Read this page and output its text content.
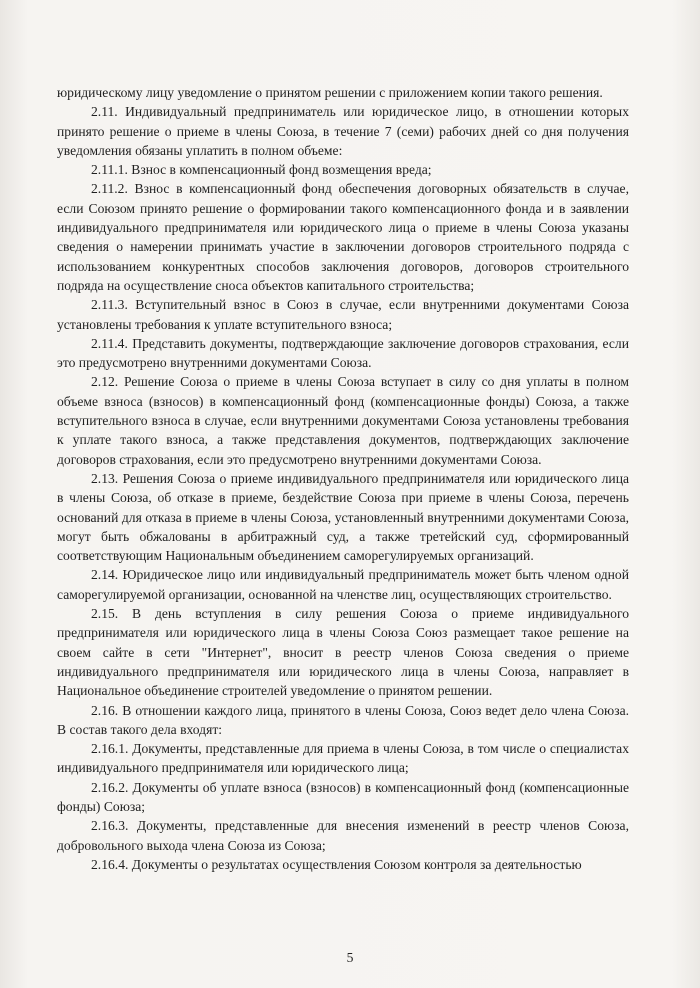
юридическому лицу уведомление о принятом решении с приложением копии такого решения.

2.11. Индивидуальный предприниматель или юридическое лицо, в отношении которых принято решение о приеме в члены Союза, в течение 7 (семи) рабочих дней со дня получения уведомления обязаны уплатить в полном объеме:

2.11.1. Взнос в компенсационный фонд возмещения вреда;

2.11.2. Взнос в компенсационный фонд обеспечения договорных обязательств в случае, если Союзом принято решение о формировании такого компенсационного фонда и в заявлении индивидуального предпринимателя или юридического лица о приеме в члены Союза указаны сведения о намерении принимать участие в заключении договоров строительного подряда с использованием конкурентных способов заключения договоров, договоров строительного подряда на осуществление сноса объектов капитального строительства;

2.11.3. Вступительный взнос в Союз в случае, если внутренними документами Союза установлены требования к уплате вступительного взноса;

2.11.4. Представить документы, подтверждающие заключение договоров страхования, если это предусмотрено внутренними документами Союза.

2.12. Решение Союза о приеме в члены Союза вступает в силу со дня уплаты в полном объеме взноса (взносов) в компенсационный фонд (компенсационные фонды) Союза, а также вступительного взноса в случае, если внутренними документами Союза установлены требования к уплате такого взноса, а также представления документов, подтверждающих заключение договоров страхования, если это предусмотрено внутренними документами Союза.

2.13. Решения Союза о приеме индивидуального предпринимателя или юридического лица в члены Союза, об отказе в приеме, бездействие Союза при приеме в члены Союза, перечень оснований для отказа в приеме в члены Союза, установленный внутренними документами Союза, могут быть обжалованы в арбитражный суд, а также третейский суд, сформированный соответствующим Национальным объединением саморегулируемых организаций.

2.14. Юридическое лицо или индивидуальный предприниматель может быть членом одной саморегулируемой организации, основанной на членстве лиц, осуществляющих строительство.

2.15. В день вступления в силу решения Союза о приеме индивидуального предпринимателя или юридического лица в члены Союза Союз размещает такое решение на своем сайте в сети "Интернет", вносит в реестр членов Союза сведения о приеме индивидуального предпринимателя или юридического лица в члены Союза, направляет в Национальное объединение строителей уведомление о принятом решении.

2.16. В отношении каждого лица, принятого в члены Союза, Союз ведет дело члена Союза. В состав такого дела входят:

2.16.1. Документы, представленные для приема в члены Союза, в том числе о специалистах индивидуального предпринимателя или юридического лица;

2.16.2. Документы об уплате взноса (взносов) в компенсационный фонд (компенсационные фонды) Союза;

2.16.3. Документы, представленные для внесения изменений в реестр членов Союза, добровольного выхода члена Союза из Союза;

2.16.4. Документы о результатах осуществления Союзом контроля за деятельностью

5
